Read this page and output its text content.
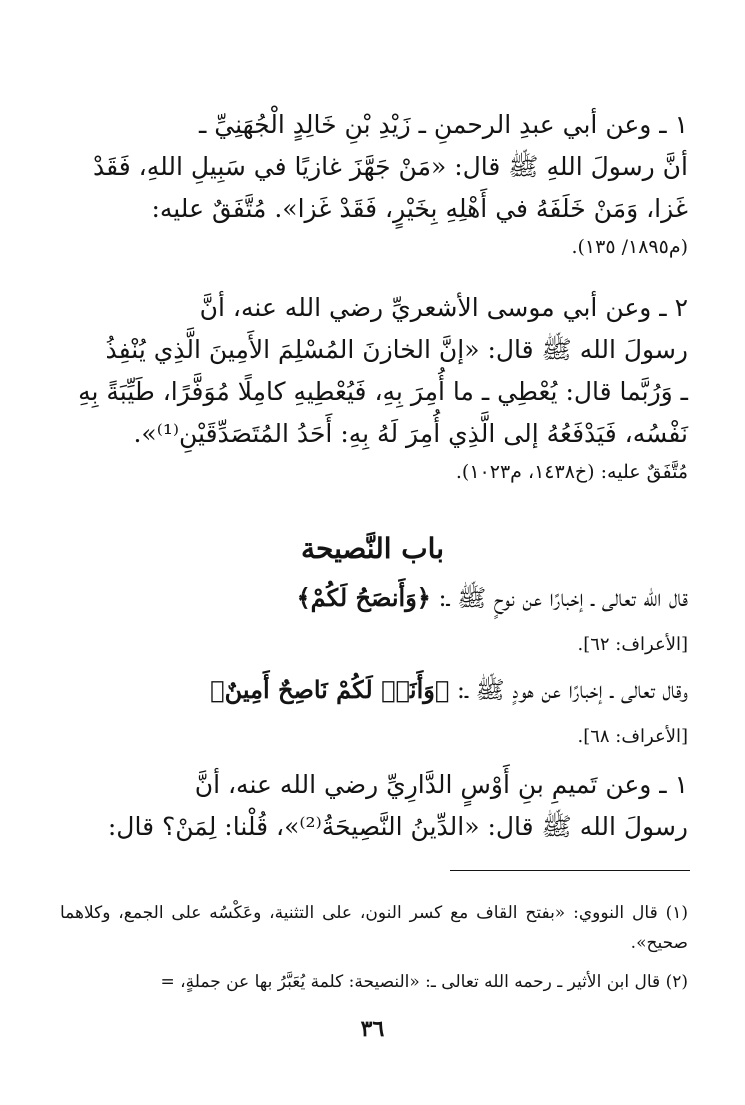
١ ـ وعن أبي عبدِ الرحمنِ ـ زَيْدِ بْنِ خَالِدٍ الْجُهَنِيِّ ـ
أنَّ رسولَ اللهِ ﷺ قال: «مَنْ جَهَّزَ غازيًا في سَبِيلِ اللهِ، فَقَدْ
غَزا، وَمَنْ خَلَفَهُ في أَهْلِهِ بِخَيْرٍ، فَقَدْ غَزا». مُتَّفَقٌ عليه:
(م١٨٩٥/ ١٣٥).
٢ ـ وعن أبي موسى الأشعريِّ رضي الله عنه، أنَّ
رسولَ الله ﷺ قال: «إنَّ الخازنَ المُسْلِمَ الأَمِينَ الَّذِي يُنْفِذُ
ـ وَرُبَّما قال: يُعْطِي ـ ما أُمِرَ بِهِ، فَيُعْطِيهِ كامِلًا مُوَفَّرًا، طَيِّبَةً بِهِ
نَفْسُه، فَيَدْفَعُهُ إلى الَّذِي أُمِرَ لَهُ بِهِ: أَحَدُ المُتَصَدِّقَيْنِ⁽¹⁾».
مُتَّفَقٌ عليه: (خ١٤٣٨، م١٠٢٣).
باب النَّصيحة

قال الله تعالى ـ إخبارًا عن نوحٍ ﷺ ـ: ﴿وَأَنصَحُ لَكُمْ﴾

[الأعراف: ٦٢].

وقال تعالى ـ إخبارًا عن هودٍ ﷺ ـ: ﴿وَأَنَا۠ لَكُمْ نَاصِحٌ أَمِينٌ﴾

[الأعراف: ٦٨].

١ ـ وعن تَميمِ بنِ أَوْسٍ الدَّارِيِّ رضي الله عنه، أنَّ
رسولَ الله ﷺ قال: «الدِّينُ النَّصِيحَةُ⁽²⁾»، قُلْنا: لِمَنْ؟ قال:

(١) قال النووي: «بفتح القاف مع كسر النون، على التثنية، وعَكْسُه على الجمع، وكلاهما صحيح».

(٢) قال ابن الأثير ـ رحمه الله تعالى ـ: «النصيحة: كلمة يُعَبَّرُ بها عن جملةٍ، =

٣٦
